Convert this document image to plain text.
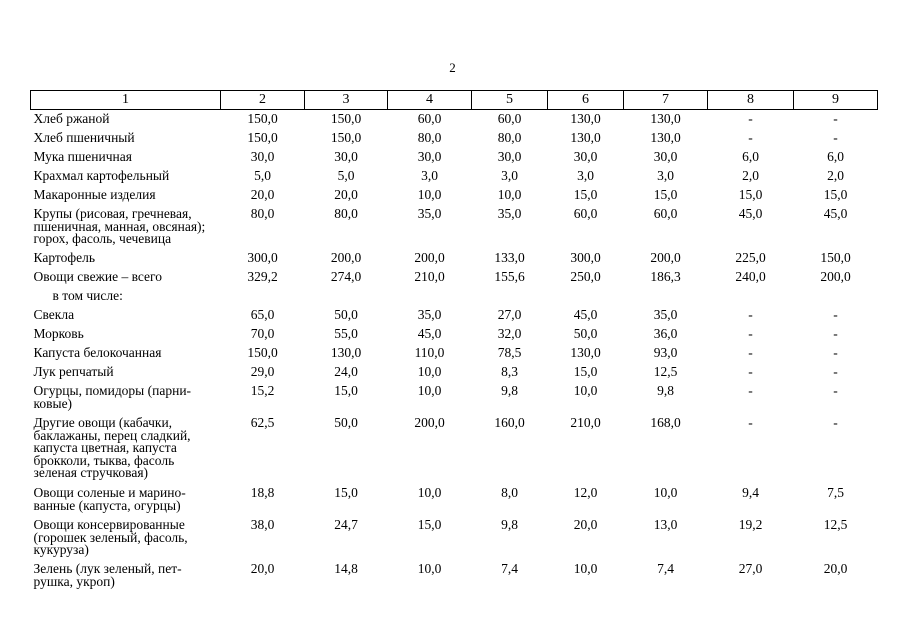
2
1	2	3	4	5	6	7	8	9
Хлеб ржаной	150,0	150,0	60,0	60,0	130,0	130,0	-	-
Хлеб пшеничный	150,0	150,0	80,0	80,0	130,0	130,0	-	-
Мука пшеничная	30,0	30,0	30,0	30,0	30,0	30,0	6,0	6,0
Крахмал картофельный	5,0	5,0	3,0	3,0	3,0	3,0	2,0	2,0
Макаронные изделия	20,0	20,0	10,0	10,0	15,0	15,0	15,0	15,0
Крупы (рисовая, гречневая,
пшеничная, манная, овсяная);
горох, фасоль, чечевица	80,0	80,0	35,0	35,0	60,0	60,0	45,0	45,0
Картофель	300,0	200,0	200,0	133,0	300,0	200,0	225,0	150,0
Овощи свежие – всего	329,2	274,0	210,0	155,6	250,0	186,3	240,0	200,0
в том числе:								
Свекла	65,0	50,0	35,0	27,0	45,0	35,0	-	-
Морковь	70,0	55,0	45,0	32,0	50,0	36,0	-	-
Капуста белокочанная	150,0	130,0	110,0	78,5	130,0	93,0	-	-
Лук репчатый	29,0	24,0	10,0	8,3	15,0	12,5	-	-
Огурцы, помидоры (парни-
ковые)	15,2	15,0	10,0	9,8	10,0	9,8	-	-
Другие овощи (кабачки,
баклажаны, перец сладкий,
капуста цветная, капуста
брокколи, тыква, фасоль
зеленая стручковая)	62,5	50,0	200,0	160,0	210,0	168,0	-	-
Овощи соленые и марино-
ванные (капуста, огурцы)	18,8	15,0	10,0	8,0	12,0	10,0	9,4	7,5
Овощи консервированные
(горошек зеленый, фасоль,
кукуруза)	38,0	24,7	15,0	9,8	20,0	13,0	19,2	12,5
Зелень (лук зеленый, пет-
рушка, укроп)	20,0	14,8	10,0	7,4	10,0	7,4	27,0	20,0
